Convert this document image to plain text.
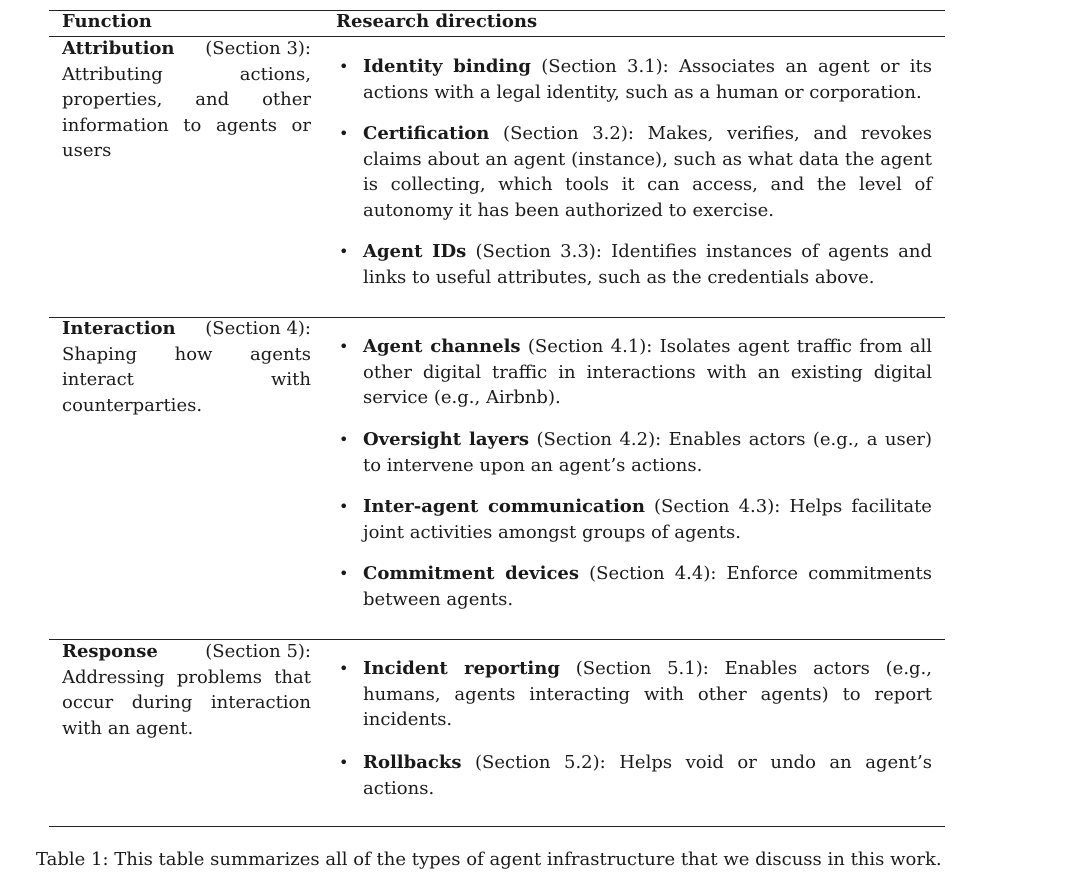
Function	Research directions
Attribution (Section 3):
Attributing actions, properties, and other information to agents or users
• Identity binding (Section 3.1): Associates an agent or its actions with a legal identity, such as a human or corporation.
• Certification (Section 3.2): Makes, verifies, and revokes claims about an agent (instance), such as what data the agent is collecting, which tools it can access, and the level of autonomy it has been authorized to exercise.
• Agent IDs (Section 3.3): Identifies instances of agents and links to useful attributes, such as the credentials above.
Interaction (Section 4):
Shaping how agents interact with counterparties.
• Agent channels (Section 4.1): Isolates agent traffic from all other digital traffic in interactions with an existing digital service (e.g., Airbnb).
• Oversight layers (Section 4.2): Enables actors (e.g., a user) to intervene upon an agent’s actions.
• Inter-agent communication (Section 4.3): Helps facilitate joint activities amongst groups of agents.
• Commitment devices (Section 4.4): Enforce commitments between agents.
Response	(Section 5):
Addressing problems that occur during interaction with an agent.
• Incident reporting (Section 5.1): Enables actors (e.g., humans, agents interacting with other agents) to report incidents.
• Rollbacks (Section 5.2): Helps void or undo an agent’s actions.
Table 1: This table summarizes all of the types of agent infrastructure that we discuss in this work.
